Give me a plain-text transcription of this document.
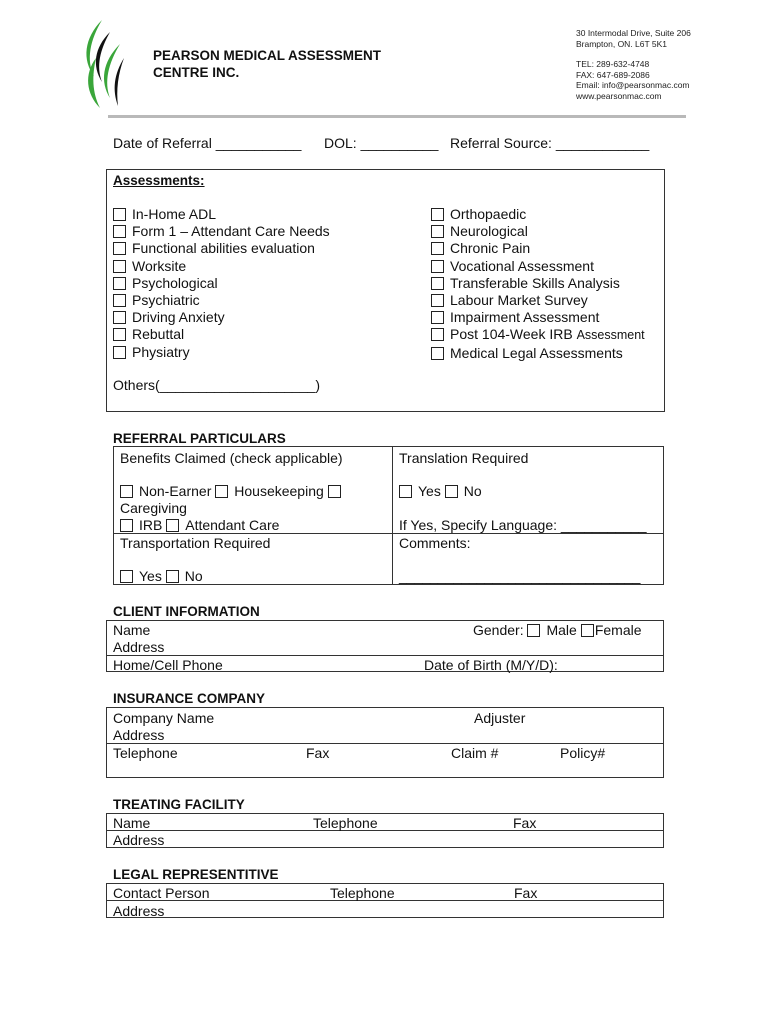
PEARSON MEDICAL ASSESSMENT
CENTRE INC.
30 Intermodal Drive, Suite 206
Brampton, ON. L6T 5K1
TEL: 289-632-4748
FAX: 647-689-2086
Email: info@pearsonmac.com
www.pearsonmac.com
Date of Referral ___________ DOL: __________ Referral Source: ____________
Assessments:
In-Home ADL
Form 1 – Attendant Care Needs
Functional abilities evaluation
Worksite
Psychological
Psychiatric
Driving Anxiety
Rebuttal
Physiatry
Orthopaedic
Neurological
Chronic Pain
Vocational Assessment
Transferable Skills Analysis
Labour Market Survey
Impairment Assessment
Post 104-Week IRB Assessment
Medical Legal Assessments
Others(____________________)
REFERRAL PARTICULARS
Benefits Claimed (check applicable)
Non-Earner Housekeeping
Caregiving
IRB Attendant Care
Translation Required
Yes No
If Yes, Specify Language: ___________
Transportation Required
Yes No
Comments:
_______________________________
CLIENT INFORMATION
Name	Gender: Male Female
Address
Home/Cell Phone	Date of Birth (M/Y/D):
INSURANCE COMPANY
Company Name	Adjuster
Address
Telephone	Fax	Claim #	Policy#
TREATING FACILITY
Name	Telephone	Fax
Address
LEGAL REPRESENTITIVE
Contact Person	Telephone	Fax
Address
